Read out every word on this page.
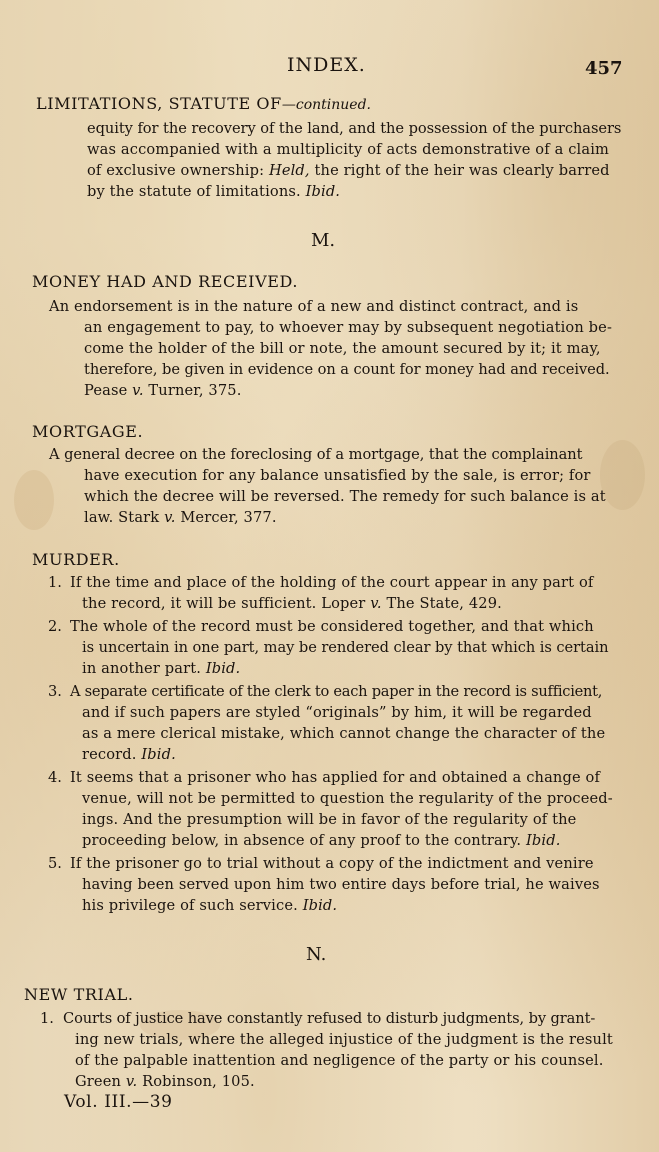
INDEX.	457
LIMITATIONS, STATUTE OF—continued.
equity for the recovery of the land, and the possession of the purchasers
was accompanied with a multiplicity of acts demonstrative of a claim
of exclusive ownership: Held, the right of the heir was clearly barred
by the statute of limitations. Ibid.
M.
MONEY HAD AND RECEIVED.
An endorsement is in the nature of a new and distinct contract, and is
an engagement to pay, to whoever may by subsequent negotiation be-
come the holder of the bill or note, the amount secured by it; it may,
therefore, be given in evidence on a count for money had and received.
Pease v. Turner, 375.
MORTGAGE.
A general decree on the foreclosing of a mortgage, that the complainant
have execution for any balance unsatisfied by the sale, is error; for
which the decree will be reversed. The remedy for such balance is at
law. Stark v. Mercer, 377.
MURDER.
1. If the time and place of the holding of the court appear in any part of
the record, it will be sufficient. Loper v. The State, 429.
2. The whole of the record must be considered together, and that which
is uncertain in one part, may be rendered clear by that which is certain
in another part. Ibid.
3. A separate certificate of the clerk to each paper in the record is sufficient,
and if such papers are styled “originals” by him, it will be regarded
as a mere clerical mistake, which cannot change the character of the
record. Ibid.
4. It seems that a prisoner who has applied for and obtained a change of
venue, will not be permitted to question the regularity of the proceed-
ings. And the presumption will be in favor of the regularity of the
proceeding below, in absence of any proof to the contrary. Ibid.
5. If the prisoner go to trial without a copy of the indictment and venire
having been served upon him two entire days before trial, he waives
his privilege of such service. Ibid.
N.
NEW TRIAL.
1. Courts of justice have constantly refused to disturb judgments, by grant-
ing new trials, where the alleged injustice of the judgment is the result
of the palpable inattention and negligence of the party or his counsel.
Green v. Robinson, 105.
Vol. III.—39
